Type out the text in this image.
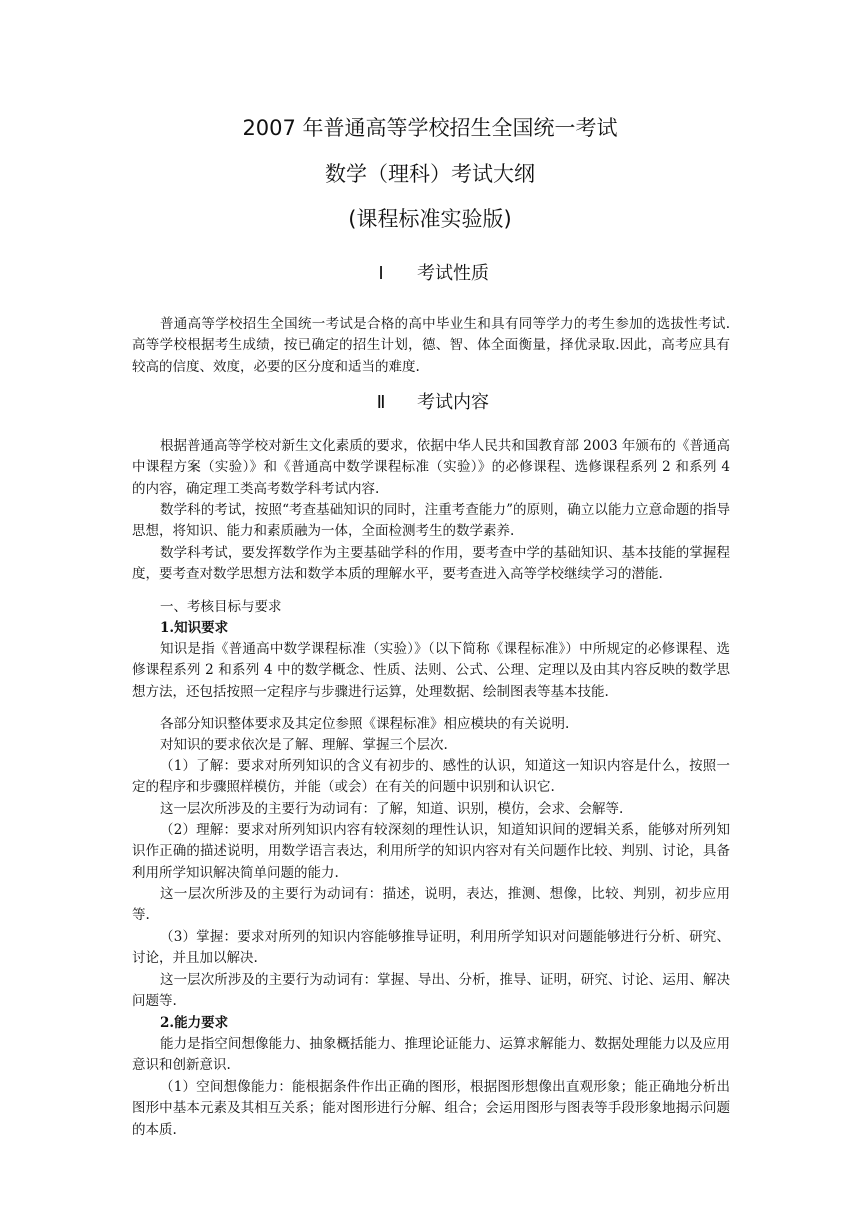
2007 年普通高等学校招生全国统一考试
数学（理科）考试大纲
(课程标准实验版)
Ⅰ 考试性质

普通高等学校招生全国统一考试是合格的高中毕业生和具有同等学力的考生参加的选拔性考试.高等学校根据考生成绩，按已确定的招生计划，德、智、体全面衡量，择优录取.因此，高考应具有较高的信度、效度，必要的区分度和适当的难度.

Ⅱ 考试内容

根据普通高等学校对新生文化素质的要求，依据中华人民共和国教育部 2003 年颁布的《普通高中课程方案（实验）》和《普通高中数学课程标准（实验）》的必修课程、选修课程系列 2 和系列 4 的内容，确定理工类高考数学科考试内容.

数学科的考试，按照“考查基础知识的同时，注重考查能力”的原则，确立以能力立意命题的指导思想，将知识、能力和素质融为一体，全面检测考生的数学素养.

数学科考试，要发挥数学作为主要基础学科的作用，要考查中学的基础知识、基本技能的掌握程度，要考查对数学思想方法和数学本质的理解水平，要考查进入高等学校继续学习的潜能.

一、考核目标与要求

1.知识要求

知识是指《普通高中数学课程标准（实验）》（以下简称《课程标准》）中所规定的必修课程、选修课程系列 2 和系列 4 中的数学概念、性质、法则、公式、公理、定理以及由其内容反映的数学思想方法，还包括按照一定程序与步骤进行运算，处理数据、绘制图表等基本技能.

各部分知识整体要求及其定位参照《课程标准》相应模块的有关说明.

对知识的要求依次是了解、理解、掌握三个层次.

（1）了解：要求对所列知识的含义有初步的、感性的认识，知道这一知识内容是什么，按照一定的程序和步骤照样模仿，并能（或会）在有关的问题中识别和认识它.

这一层次所涉及的主要行为动词有：了解，知道、识别，模仿，会求、会解等.

（2）理解：要求对所列知识内容有较深刻的理性认识，知道知识间的逻辑关系，能够对所列知识作正确的描述说明，用数学语言表达，利用所学的知识内容对有关问题作比较、判别、讨论，具备利用所学知识解决简单问题的能力.

这一层次所涉及的主要行为动词有：描述，说明，表达，推测、想像，比较、判别，初步应用等.

（3）掌握：要求对所列的知识内容能够推导证明，利用所学知识对问题能够进行分析、研究、讨论，并且加以解决.

这一层次所涉及的主要行为动词有：掌握、导出、分析，推导、证明，研究、讨论、运用、解决问题等.

2.能力要求

能力是指空间想像能力、抽象概括能力、推理论证能力、运算求解能力、数据处理能力以及应用意识和创新意识.

（1）空间想像能力：能根据条件作出正确的图形，根据图形想像出直观形象；能正确地分析出图形中基本元素及其相互关系；能对图形进行分解、组合；会运用图形与图表等手段形象地揭示问题的本质.
